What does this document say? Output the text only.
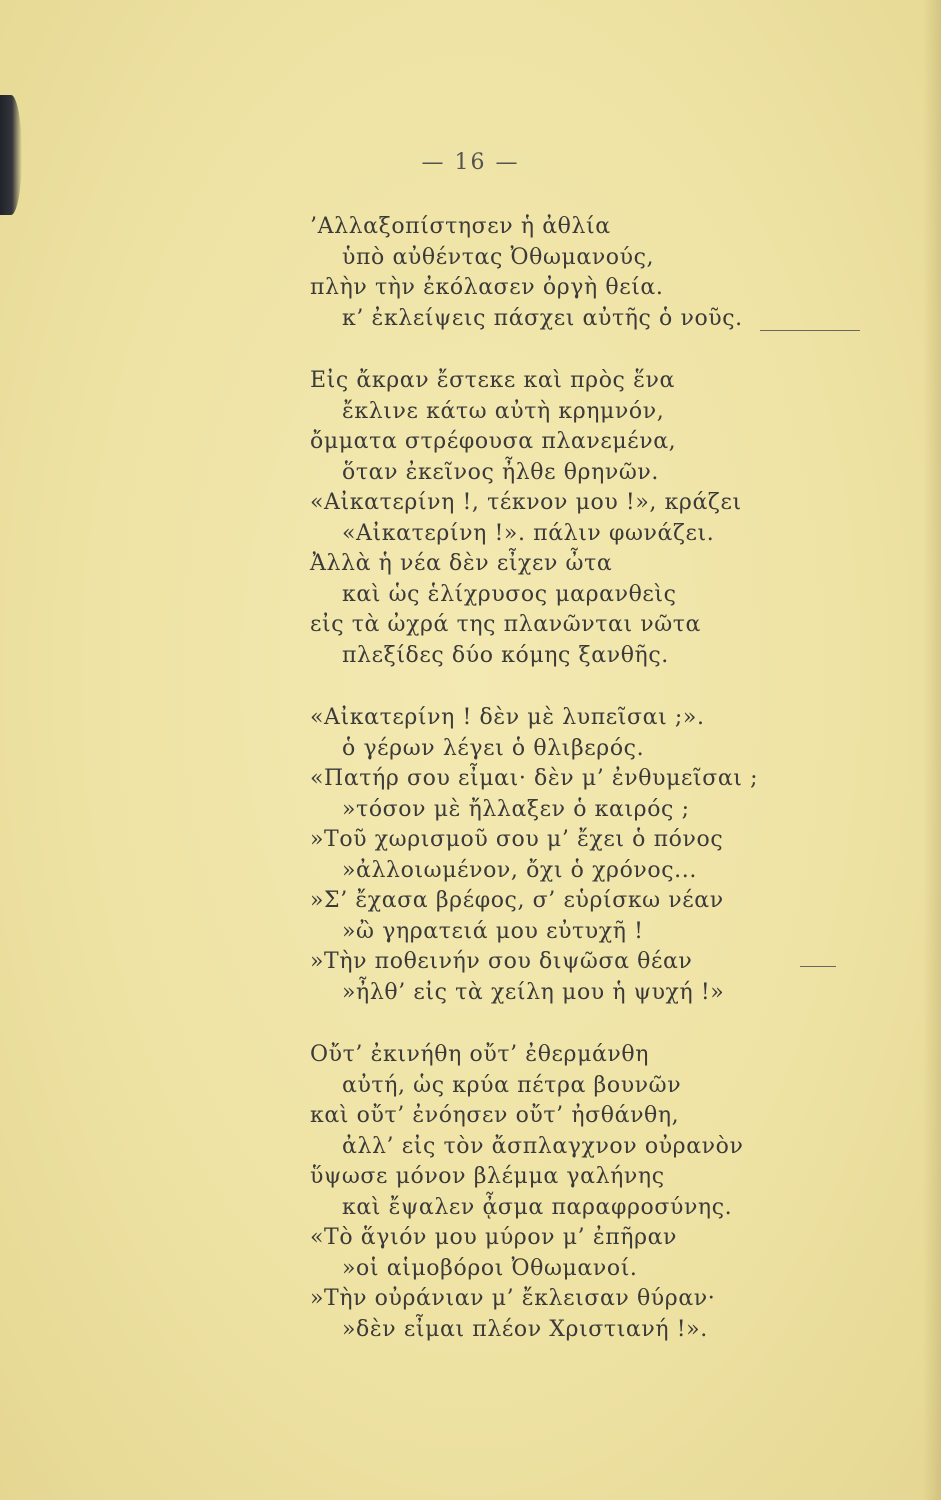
— 16 —
’Αλλαξοπίστησεν ἡ ἀθλία
ὑπὸ αὐθέντας Ὀθωμανούς,
πλὴν τὴν ἐκόλασεν ὀργὴ θεία.
κ’ ἐκλείψεις πάσχει αὐτῆς ὁ νοῦς.
Εἰς ἄκραν ἔστεκε καὶ πρὸς ἕνα
ἔκλινε κάτω αὐτὴ κρημνόν,
ὄμματα στρέφουσα πλανεμένα,
ὅταν ἐκεῖνος ἦλθε θρηνῶν.
«Αἰκατερίνη !, τέκνον μου !», κράζει
«Αἰκατερίνη !». πάλιν φωνάζει.
Ἀλλὰ ἡ νέα δὲν εἶχεν ὦτα
καὶ ὡς ἑλίχρυσος μαρανθεὶς
εἰς τὰ ὠχρά της πλανῶνται νῶτα
πλεξίδες δύο κόμης ξανθῆς.
«Αἰκατερίνη ! δὲν μὲ λυπεῖσαι ;».
ὁ γέρων λέγει ὁ θλιβερός.
«Πατήρ σου εἶμαι· δὲν μ’ ἐνθυμεῖσαι ;
»τόσον μὲ ἤλλαξεν ὁ καιρός ;
»Τοῦ χωρισμοῦ σου μ’ ἔχει ὁ πόνος
»ἀλλοιωμένον, ὄχι ὁ χρόνος...
»Σ’ ἔχασα βρέφος, σ’ εὑρίσκω νέαν
»ὢ γηρατειά μου εὐτυχῆ !
»Τὴν ποθεινήν σου διψῶσα θέαν
»ἦλθ’ εἰς τὰ χείλη μου ἡ ψυχή !»
Οὔτ’ ἐκινήθη οὔτ’ ἐθερμάνθη
αὐτή, ὡς κρύα πέτρα βουνῶν
καὶ οὔτ’ ἐνόησεν οὔτ’ ἠσθάνθη,
ἀλλ’ εἰς τὸν ἄσπλαγχνον οὐρανὸν
ὕψωσε μόνον βλέμμα γαλήνης
καὶ ἔψαλεν ᾆσμα παραφροσύνης.
«Τὸ ἅγιόν μου μύρον μ’ ἐπῆραν
»οἱ αἱμοβόροι Ὀθωμανοί.
»Τὴν οὐράνιαν μ’ ἔκλεισαν θύραν·
»δὲν εἶμαι πλέον Χριστιανή !».
